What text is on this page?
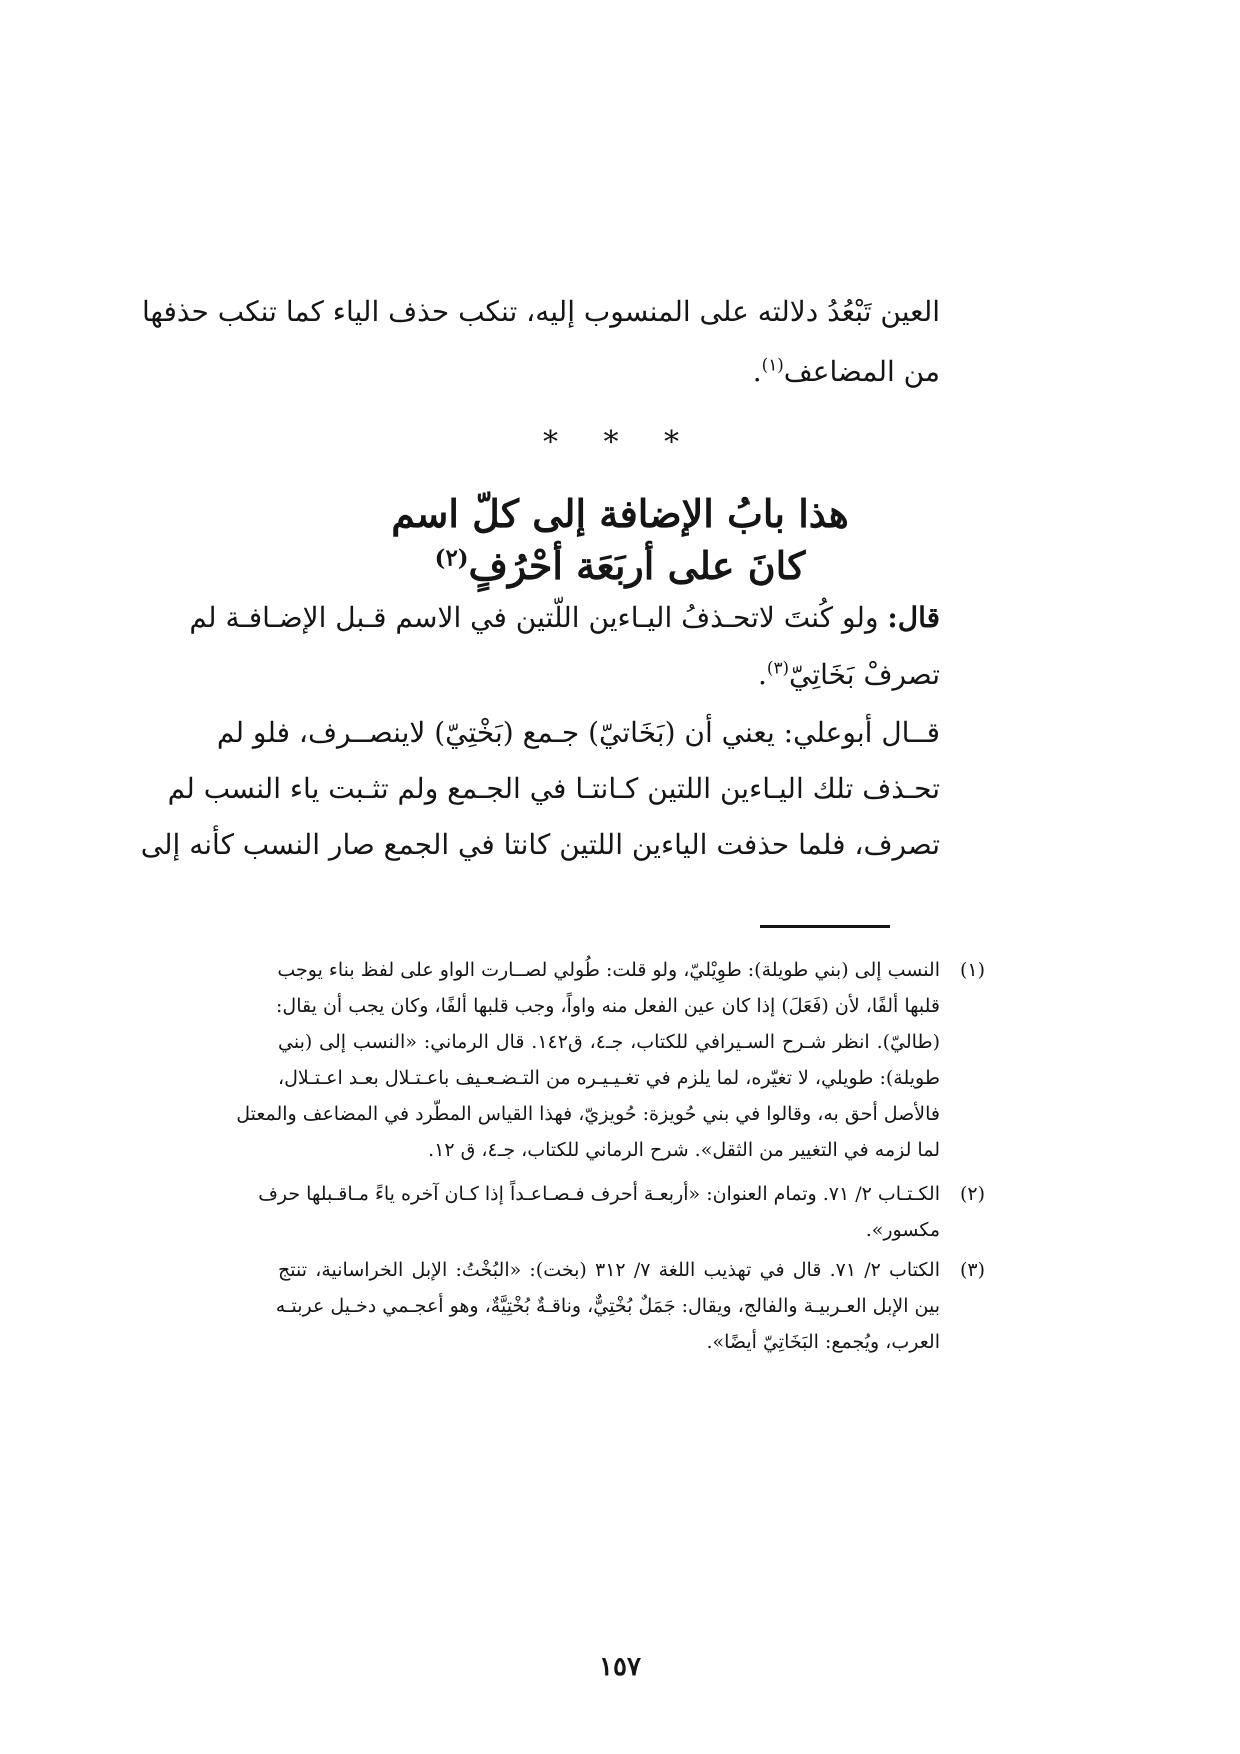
العين تَبْعُدُ دلالته على المنسوب إليه، تنكب حذف الياء كما تنكب حذفها
من المضاعف$^{(١)}$.
* * *
هذا بابُ الإضافة إلى كلّ اسم
كانَ على أربَعَة أحْرُفٍ$^{(٢)}$
قال: ولو كُنتَ لاتحـذفُ اليـاءين اللّتين في الاسم قـبل الإضـافـة لم
تصرفْ بَخَاتِيّ$^{(٣)}$.
قــال أبوعلي: يعني أن (بَخَاتيّ) جـمع (بَخْتِيّ) لاينصــرف، فلو لم
تحـذف تلك اليـاءين اللتين كـانتـا في الجـمع ولم تثـبت ياء النسب لم
تصرف، فلما حذفت الياءين اللتين كانتا في الجمع صار النسب كأنه إلى
(١)
النسب إلى (بني طويلة): طوِيْليّ، ولو قلت: طُولي لصــارت الواو على لفظ بناء يوجب
قلبها ألفًا، لأن (فَعَلَ) إذا كان عين الفعل منه واواً، وجب قلبها ألفًا، وكان يجب أن يقال:
(طاليّ). انظر شـرح السـيرافي للكتاب، جـ٤، ق١٤٢. قال الرماني: «النسب إلى (بني
طويلة): طويلي، لا تغيّره، لما يلزم في تغـيـيـره من التـضـعـيف باعـتـلال بعـد اعـتـلال،
فالأصل أحق به، وقالوا في بني حُويزة: حُويزيّ، فهذا القياس المطّرد في المضاعف والمعتل
لما لزمه في التغيير من الثقل». شرح الرماني للكتاب، جـ٤، ق ١٢.
(٢)
الكـتـاب ٢/ ٧١. وتمام العنوان: «أربعـة أحرف فـصـاعـداً إذا كـان آخره ياءً مـاقـبلها حرف
مكسور».
(٣)
الكتاب ٢/ ٧١. قال في تهذيب اللغة ٧/ ٣١٢ (بخت): «البُخْتُ: الإبل الخراسانية، تنتج
بين الإبل العـربيـة والفالج، ويقال: جَمَلٌ بُخْتِيٌّ، وناقـةٌ بُخْتِيَّةٌ، وهو أعجـمي دخـيل عربتـه
العرب، ويُجمع: البَخَاتِيّ أيضًا».
١٥٧
